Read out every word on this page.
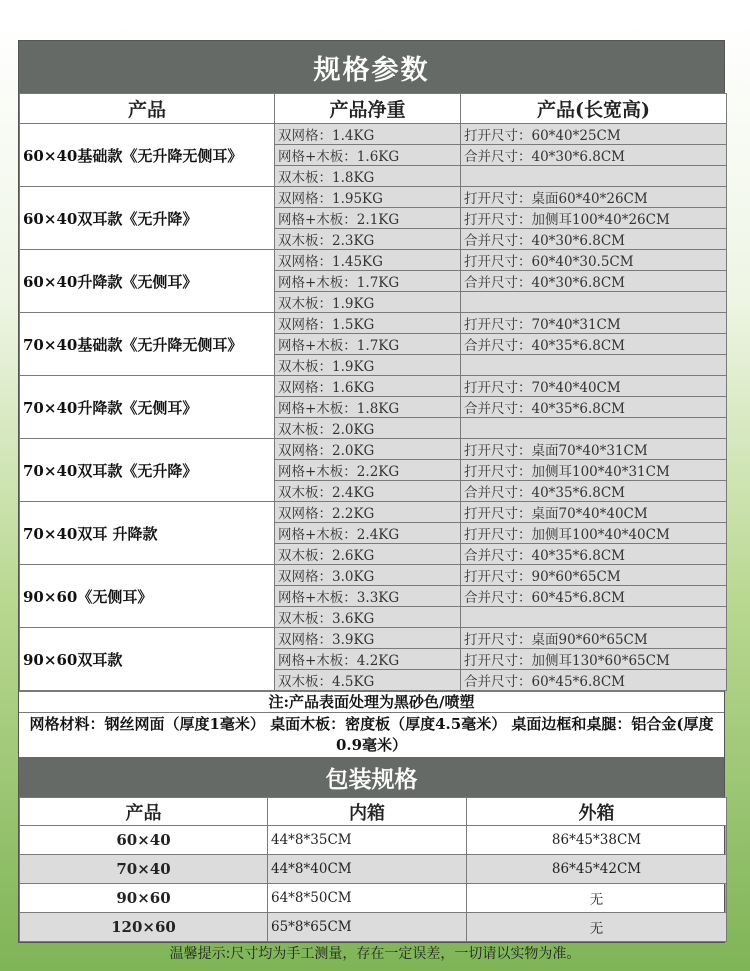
规格参数
产品	产品净重	产品(长宽高)
60×40基础款《无升降无侧耳》	双网格：1.4KG	打开尺寸：60*40*25CM
	网格+木板：1.6KG	合并尺寸：40*30*6.8CM
	双木板：1.8KG	
60×40双耳款《无升降》	双网格：1.95KG	打开尺寸：桌面60*40*26CM
	网格+木板：2.1KG	打开尺寸：加侧耳100*40*26CM
	双木板：2.3KG	合并尺寸：40*30*6.8CM
60×40升降款《无侧耳》	双网格：1.45KG	打开尺寸：60*40*30.5CM
	网格+木板：1.7KG	合并尺寸：40*30*6.8CM
	双木板：1.9KG	
70×40基础款《无升降无侧耳》	双网格：1.5KG	打开尺寸：70*40*31CM
	网格+木板：1.7KG	合并尺寸：40*35*6.8CM
	双木板：1.9KG	
70×40升降款《无侧耳》	双网格：1.6KG	打开尺寸：70*40*40CM
	网格+木板：1.8KG	合并尺寸：40*35*6.8CM
	双木板：2.0KG	
70×40双耳款《无升降》	双网格：2.0KG	打开尺寸：桌面70*40*31CM
	网格+木板：2.2KG	打开尺寸：加侧耳100*40*31CM
	双木板：2.4KG	合并尺寸：40*35*6.8CM
70×40双耳 升降款	双网格：2.2KG	打开尺寸：桌面70*40*40CM
	网格+木板：2.4KG	打开尺寸：加侧耳100*40*40CM
	双木板：2.6KG	合并尺寸：40*35*6.8CM
90×60《无侧耳》	双网格：3.0KG	打开尺寸：90*60*65CM
	网格+木板：3.3KG	合并尺寸：60*45*6.8CM
	双木板：3.6KG	
90×60双耳款	双网格：3.9KG	打开尺寸：桌面90*60*65CM
	网格+木板：4.2KG	打开尺寸：加侧耳130*60*65CM
	双木板：4.5KG	合并尺寸：60*45*6.8CM
注:产品表面处理为黑砂色/喷塑
网格材料：钢丝网面（厚度1毫米） 桌面木板：密度板（厚度4.5毫米） 桌面边框和桌腿：铝合金(厚度0.9毫米）
包装规格
产品	内箱	外箱
60×40	44*8*35CM	86*45*38CM
70×40	44*8*40CM	86*45*42CM
90×60	64*8*50CM	无
120×60	65*8*65CM	无
温馨提示:尺寸均为手工测量，存在一定误差，一切请以实物为准。
